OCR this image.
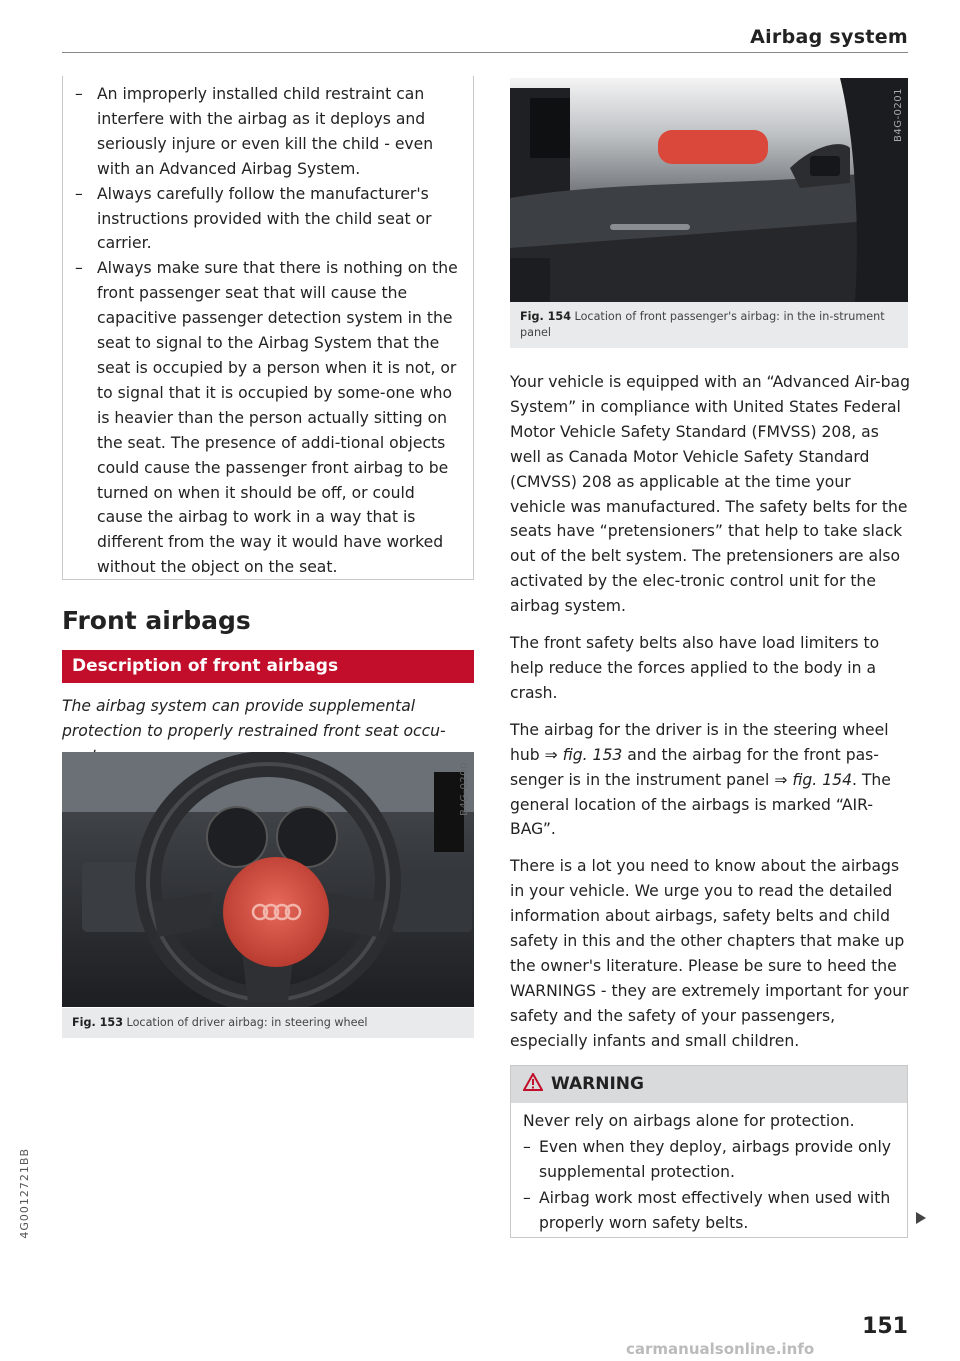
Airbag system
– An improperly installed child restraint can interfere with the airbag as it deploys and seriously injure or even kill the child - even with an Advanced Airbag System.
– Always carefully follow the manufacturer's instructions provided with the child seat or carrier.
– Always make sure that there is nothing on the front passenger seat that will cause the capacitive passenger detection system in the seat to signal to the Airbag System that the seat is occupied by a person when it is not, or to signal that it is occupied by some-one who is heavier than the person actually sitting on the seat. The presence of addi-tional objects could cause the passenger front airbag to be turned on when it should be off, or could cause the airbag to work in a way that is different from the way it would have worked without the object on the seat.
Front airbags
Description of front airbags
The airbag system can provide supplemental protection to properly restrained front seat occu-
B4G-0200
Fig. 153 Location of driver airbag: in steering wheel
B4G-0201
Fig. 154 Location of front passenger's airbag: in the in-strument panel

Your vehicle is equipped with an “Advanced Air-bag System” in compliance with United States Federal Motor Vehicle Safety Standard (FMVSS) 208, as well as Canada Motor Vehicle Safety Standard (CMVSS) 208 as applicable at the time your vehicle was manufactured. The safety belts for the seats have “pretensioners” that help to take slack out of the belt system. The pretensioners are also activated by the elec-tronic control unit for the airbag system.

The front safety belts also have load limiters to help reduce the forces applied to the body in a crash.

The airbag for the driver is in the steering wheel hub ⇒ fig. 153 and the airbag for the front pas-senger is in the instrument panel ⇒ fig. 154. The general location of the airbags is marked “AIR-BAG”.

There is a lot you need to know about the airbags in your vehicle. We urge you to read the detailed information about airbags, safety belts and child safety in this and the other chapters that make up the owner's literature. Please be sure to heed the WARNINGS - they are extremely important for your safety and the safety of your passengers, especially infants and small children.

WARNING
Never rely on airbags alone for protection.
– Even when they deploy, airbags provide only supplemental protection.
– Airbag work most effectively when used with properly worn safety belts.
151
4G0012721BB
carmanualsonline.info
